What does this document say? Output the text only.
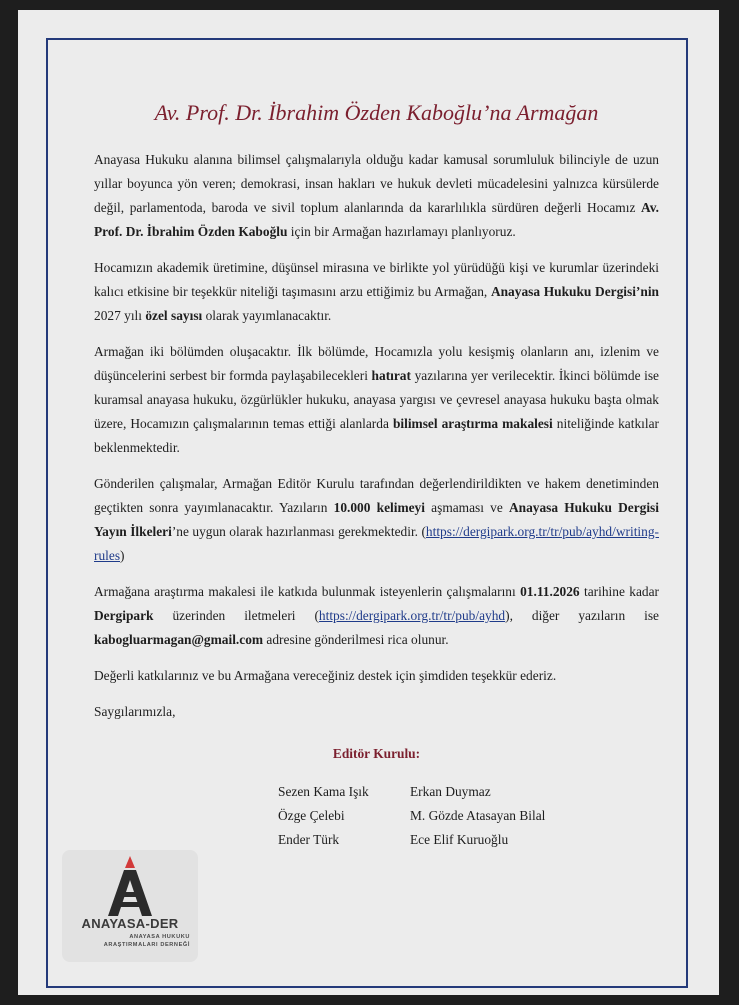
Av. Prof. Dr. İbrahim Özden Kaboğlu’na Armağan

Anayasa Hukuku alanına bilimsel çalışmalarıyla olduğu kadar kamusal sorumluluk bilinciyle de uzun yıllar boyunca yön veren; demokrasi, insan hakları ve hukuk devleti mücadelesini yalnızca kürsülerde değil, parlamentoda, baroda ve sivil toplum alanlarında da kararlılıkla sürdüren değerli Hocamız Av. Prof. Dr. İbrahim Özden Kaboğlu için bir Armağan hazırlamayı planlıyoruz.

Hocamızın akademik üretimine, düşünsel mirasına ve birlikte yol yürüdüğü kişi ve kurumlar üzerindeki kalıcı etkisine bir teşekkür niteliği taşımasını arzu ettiğimiz bu Armağan, Anayasa Hukuku Dergisi’nin 2027 yılı özel sayısı olarak yayımlanacaktır.

Armağan iki bölümden oluşacaktır. İlk bölümde, Hocamızla yolu kesişmiş olanların anı, izlenim ve düşüncelerini serbest bir formda paylaşabilecekleri hatırat yazılarına yer verilecektir. İkinci bölümde ise kuramsal anayasa hukuku, özgürlükler hukuku, anayasa yargısı ve çevresel anayasa hukuku başta olmak üzere, Hocamızın çalışmalarının temas ettiği alanlarda bilimsel araştırma makalesi niteliğinde katkılar beklenmektedir.

Gönderilen çalışmalar, Armağan Editör Kurulu tarafından değerlendirildikten ve hakem denetiminden geçtikten sonra yayımlanacaktır. Yazıların 10.000 kelimeyi aşmaması ve Anayasa Hukuku Dergisi Yayın İlkeleri’ne uygun olarak hazırlanması gerekmektedir. (https://dergipark.org.tr/tr/pub/ayhd/writing-rules)

Armağana araştırma makalesi ile katkıda bulunmak isteyenlerin çalışmalarını 01.11.2026 tarihine kadar Dergipark üzerinden iletmeleri (https://dergipark.org.tr/tr/pub/ayhd), diğer yazıların ise kabogluarmagan@gmail.com adresine gönderilmesi rica olunur.

Değerli katkılarınız ve bu Armağana vereceğiniz destek için şimdiden teşekkür ederiz.

Saygılarımızla,

Editör Kurulu:
Sezen Kama Işık	Erkan Duymaz
Özge Çelebi	M. Gözde Atasayan Bilal
Ender Türk	Ece Elif Kuruoğlu
ANAYASA-DER
ANAYASA HUKUKU
ARAŞTIRMALARI DERNEĞİ
